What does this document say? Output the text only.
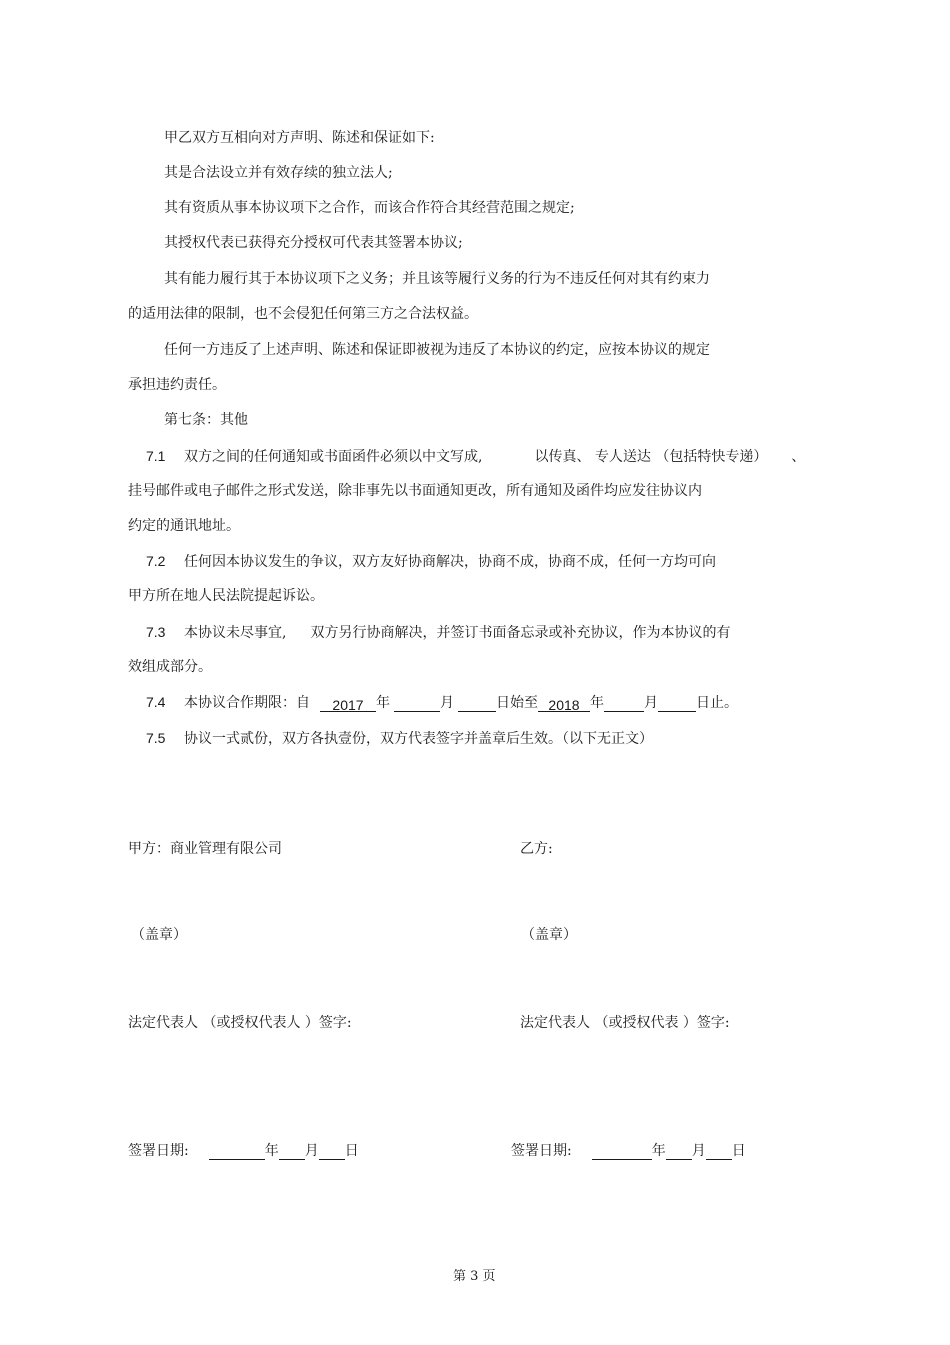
甲乙双方互相向对方声明、陈述和保证如下:
其是合法设立并有效存续的独立法人;
其有资质从事本协议项下之合作，而该合作符合其经营范围之规定;
其授权代表已获得充分授权可代表其签署本协议;
其有能力履行其于本协议项下之义务；并且该等履行义务的行为不违反任何对其有约束力
的适用法律的限制，也不会侵犯任何第三方之合法权益。
任何一方违反了上述声明、陈述和保证即被视为违反了本协议的约定，应按本协议的规定
承担违约责任。
第七条：其他
7.1 双方之间的任何通知或书面函件必须以中文写成,	以传真、 专人送达 （包括特快专递） 、
挂号邮件或电子邮件之形式发送，除非事先以书面通知更改，所有通知及函件均应发往协议内
约定的通讯地址。
7.2 任何因本协议发生的争议，双方友好协商解决，协商不成，协商不成，任何一方均可向
甲方所在地人民法院提起诉讼。
7.3 本协议未尽事宜, 双方另行协商解决，并签订书面备忘录或补充协议，作为本协议的有
效组成部分。
7.4 本协议合作期限：自 2017 年	月	日始至 2018 年	月	日止。
7.5 协议一式贰份，双方各执壹份，双方代表签字并盖章后生效。（以下无正文）
甲方：商业管理有限公司	乙方:
（盖章）	（盖章）
法定代表人 （或授权代表人 ）签字:	法定代表人 （或授权代表 ）签字:
签署日期:	年 月 日	签署日期:	年 月 日
第 3 页
